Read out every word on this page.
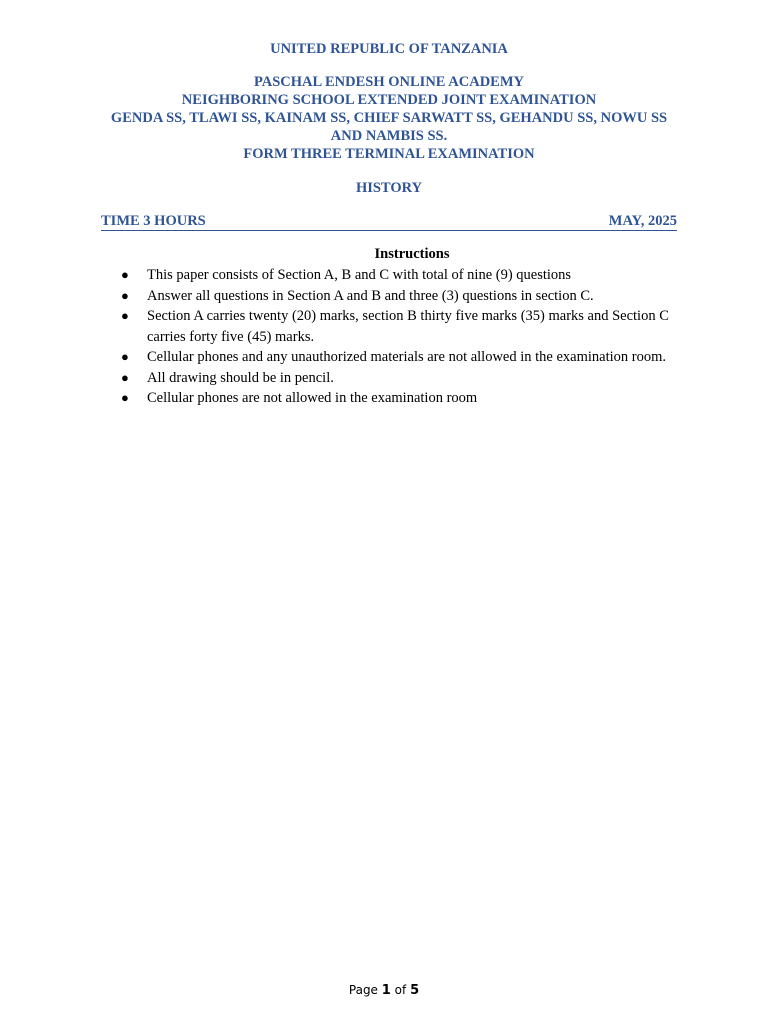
UNITED REPUBLIC OF TANZANIA
PASCHAL ENDESH ONLINE ACADEMY
NEIGHBORING SCHOOL EXTENDED JOINT EXAMINATION
GENDA SS, TLAWI SS, KAINAM SS, CHIEF SARWATT SS, GEHANDU SS, NOWU SS AND NAMBIS SS.
FORM THREE TERMINAL EXAMINATION
HISTORY
TIME 3 HOURS	MAY, 2025
Instructions
● This paper consists of Section A, B and C with total of nine (9) questions
● Answer all questions in Section A and B and three (3) questions in section C.
● Section A carries twenty (20) marks, section B thirty five marks (35) marks and Section C carries forty five (45) marks.
● Cellular phones and any unauthorized materials are not allowed in the examination room.
● All drawing should be in pencil.
● Cellular phones are not allowed in the examination room
Page 1 of 5
